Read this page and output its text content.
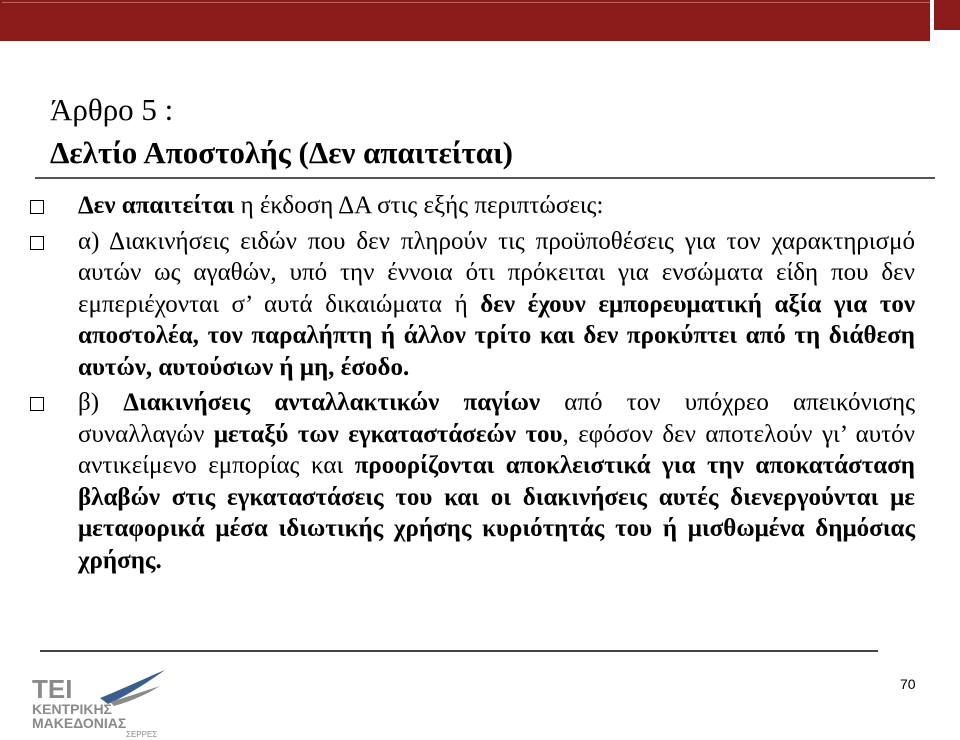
Άρθρο 5 :
Δελτίο Αποστολής (Δεν απαιτείται)
Δεν απαιτείται η έκδοση ΔΑ στις εξής περιπτώσεις:
α) Διακινήσεις ειδών που δεν πληρούν τις προϋποθέσεις για τον χαρακτηρισμό αυτών ως αγαθών, υπό την έννοια ότι πρόκειται για ενσώματα είδη που δεν εμπεριέχονται σ’ αυτά δικαιώματα ή δεν έχουν εμπορευματική αξία για τον αποστολέα, τον παραλήπτη ή άλλον τρίτο και δεν προκύπτει από τη διάθεση αυτών, αυτούσιων ή μη, έσοδο.
β) Διακινήσεις ανταλλακτικών παγίων από τον υπόχρεο απεικόνισης συναλλαγών μεταξύ των εγκαταστάσεών του, εφόσον δεν αποτελούν γι’ αυτόν αντικείμενο εμπορίας και προορίζονται αποκλειστικά για την αποκατάσταση βλαβών στις εγκαταστάσεις του και οι διακινήσεις αυτές διενεργούνται με μεταφορικά μέσα ιδιωτικής χρήσης κυριότητάς του ή μισθωμένα δημόσιας χρήσης.
ΤΕΙ
ΚΕΝΤΡΙΚΗΣ
ΜΑΚΕΔΟΝΙΑΣ
ΣΕΡΡΕΣ
70
